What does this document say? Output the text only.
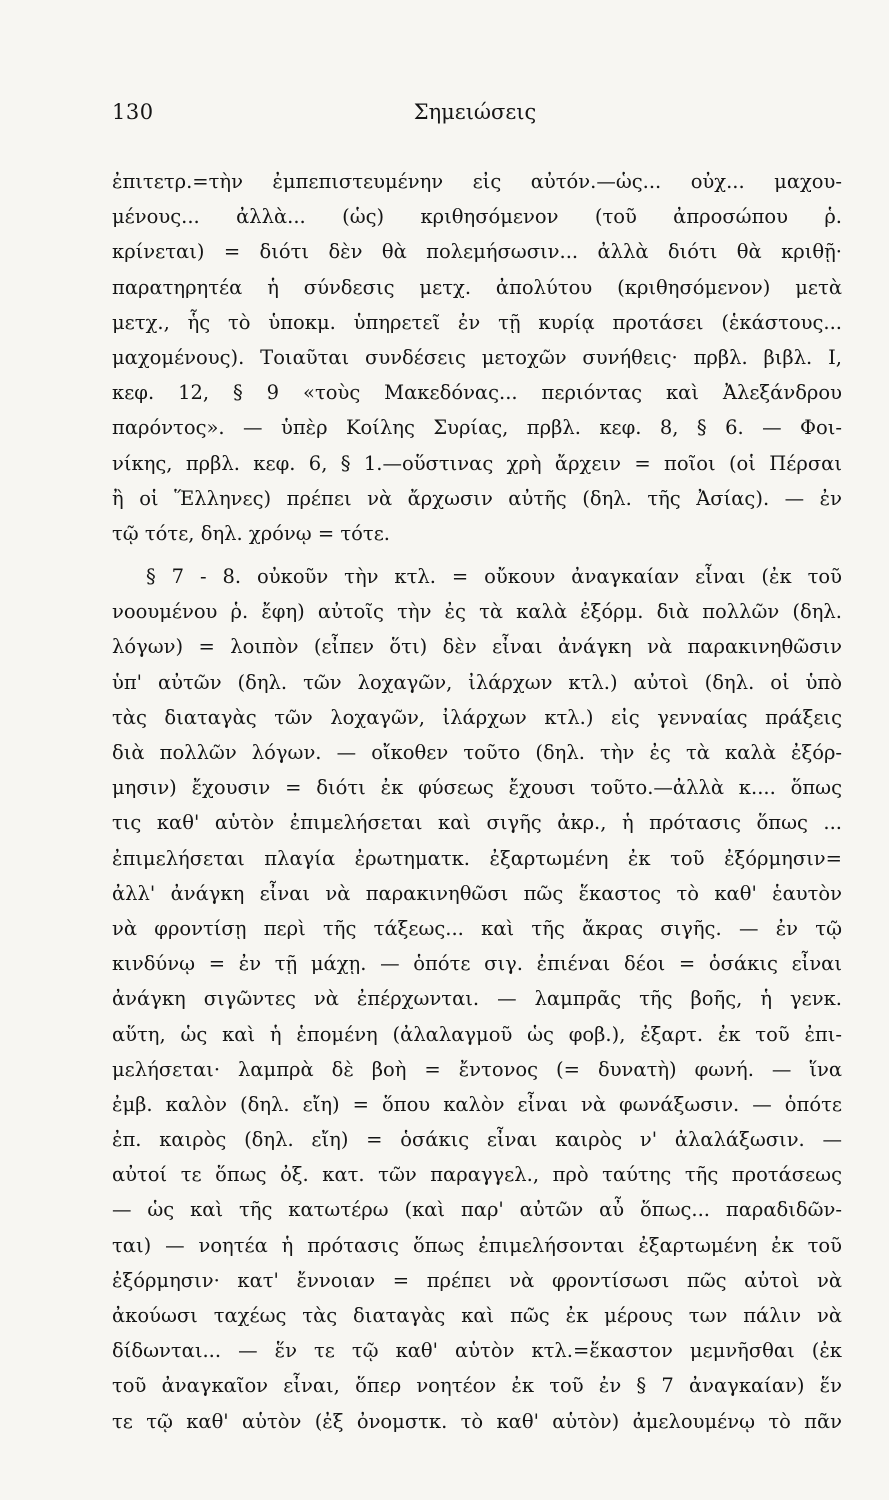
130	Σημειώσεις
ἐπιτετρ.=τὴν ἐμπεπιστευμένην εἰς αὐτόν.—ὡς... οὐχ... μαχου-
μένους... ἀλλὰ... (ὡς) κριθησόμενον (τοῦ ἀπροσώπου ῥ.
κρίνεται) = διότι δὲν θὰ πολεμήσωσιν... ἀλλὰ διότι θὰ κριθῇ·
παρατηρητέα ἡ σύνδεσις μετχ. ἀπολύτου (κριθησόμενον) μετὰ
μετχ., ἧς τὸ ὑποκμ. ὑπηρετεῖ ἐν τῇ κυρίᾳ προτάσει (ἑκάστους...
μαχομένους). Τοιαῦται συνδέσεις μετοχῶν συνήθεις· πρβλ. βιβλ. Ι,
κεφ. 12, § 9 «τοὺς Μακεδόνας... περιόντας καὶ Ἀλεξάνδρου
παρόντος». — ὑπὲρ Κοίλης Συρίας, πρβλ. κεφ. 8, § 6. — Φοι-
νίκης, πρβλ. κεφ. 6, § 1.—οὕστινας χρὴ ἄρχειν = ποῖοι (οἱ Πέρσαι
ἢ οἱ Ἕλληνες) πρέπει νὰ ἄρχωσιν αὐτῆς (δηλ. τῆς Ἀσίας). — ἐν
τῷ τότε, δηλ. χρόνῳ = τότε.
§ 7 - 8. οὐκοῦν τὴν κτλ. = οὔκουν ἀναγκαίαν εἶναι (ἐκ τοῦ
νοουμένου ῥ. ἔφη) αὐτοῖς τὴν ἐς τὰ καλὰ ἐξόρμ. διὰ πολλῶν (δηλ.
λόγων) = λοιπὸν (εἶπεν ὅτι) δὲν εἶναι ἀνάγκη νὰ παρακινηθῶσιν
ὑπ' αὐτῶν (δηλ. τῶν λοχαγῶν, ἰλάρχων κτλ.) αὐτοὶ (δηλ. οἱ ὑπὸ
τὰς διαταγὰς τῶν λοχαγῶν, ἰλάρχων κτλ.) εἰς γενναίας πράξεις
διὰ πολλῶν λόγων. — οἴκοθεν τοῦτο (δηλ. τὴν ἐς τὰ καλὰ ἐξόρ-
μησιν) ἔχουσιν = διότι ἐκ φύσεως ἔχουσι τοῦτο.—ἀλλὰ κ.... ὅπως
τις καθ' αὑτὸν ἐπιμελήσεται καὶ σιγῆς ἀκρ., ἡ πρότασις ὅπως ...
ἐπιμελήσεται πλαγία ἐρωτηματκ. ἐξαρτωμένη ἐκ τοῦ ἐξόρμησιν=
ἀλλ' ἀνάγκη εἶναι νὰ παρακινηθῶσι πῶς ἕκαστος τὸ καθ' ἑαυτὸν
νὰ φροντίσῃ περὶ τῆς τάξεως... καὶ τῆς ἄκρας σιγῆς. — ἐν τῷ
κινδύνῳ = ἐν τῇ μάχῃ. — ὁπότε σιγ. ἐπιέναι δέοι = ὁσάκις εἶναι
ἀνάγκη σιγῶντες νὰ ἐπέρχωνται. — λαμπρᾶς τῆς βοῆς, ἡ γενκ.
αὕτη, ὡς καὶ ἡ ἑπομένη (ἀλαλαγμοῦ ὡς φοβ.), ἐξαρτ. ἐκ τοῦ ἐπι-
μελήσεται· λαμπρὰ δὲ βοὴ = ἔντονος (= δυνατὴ) φωνή. — ἵνα
ἐμβ. καλὸν (δηλ. εἴη) = ὅπου καλὸν εἶναι νὰ φωνάξωσιν. — ὁπότε
ἐπ. καιρὸς (δηλ. εἴη) = ὁσάκις εἶναι καιρὸς ν' ἀλαλάξωσιν. —
αὐτοί τε ὅπως ὀξ. κατ. τῶν παραγγελ., πρὸ ταύτης τῆς προτάσεως
— ὡς καὶ τῆς κατωτέρω (καὶ παρ' αὐτῶν αὖ ὅπως... παραδιδῶν-
ται) — νοητέα ἡ πρότασις ὅπως ἐπιμελήσονται ἐξαρτωμένη ἐκ τοῦ
ἐξόρμησιν· κατ' ἔννοιαν = πρέπει νὰ φροντίσωσι πῶς αὐτοὶ νὰ
ἀκούωσι ταχέως τὰς διαταγὰς καὶ πῶς ἐκ μέρους των πάλιν νὰ
δίδωνται... — ἕν τε τῷ καθ' αὑτὸν κτλ.=ἕκαστον μεμνῆσθαι (ἐκ
τοῦ ἀναγκαῖον εἶναι, ὅπερ νοητέον ἐκ τοῦ ἐν § 7 ἀναγκαίαν) ἕν
τε τῷ καθ' αὑτὸν (ἐξ ὀνομστκ. τὸ καθ' αὑτὸν) ἀμελουμένῳ τὸ πᾶν
